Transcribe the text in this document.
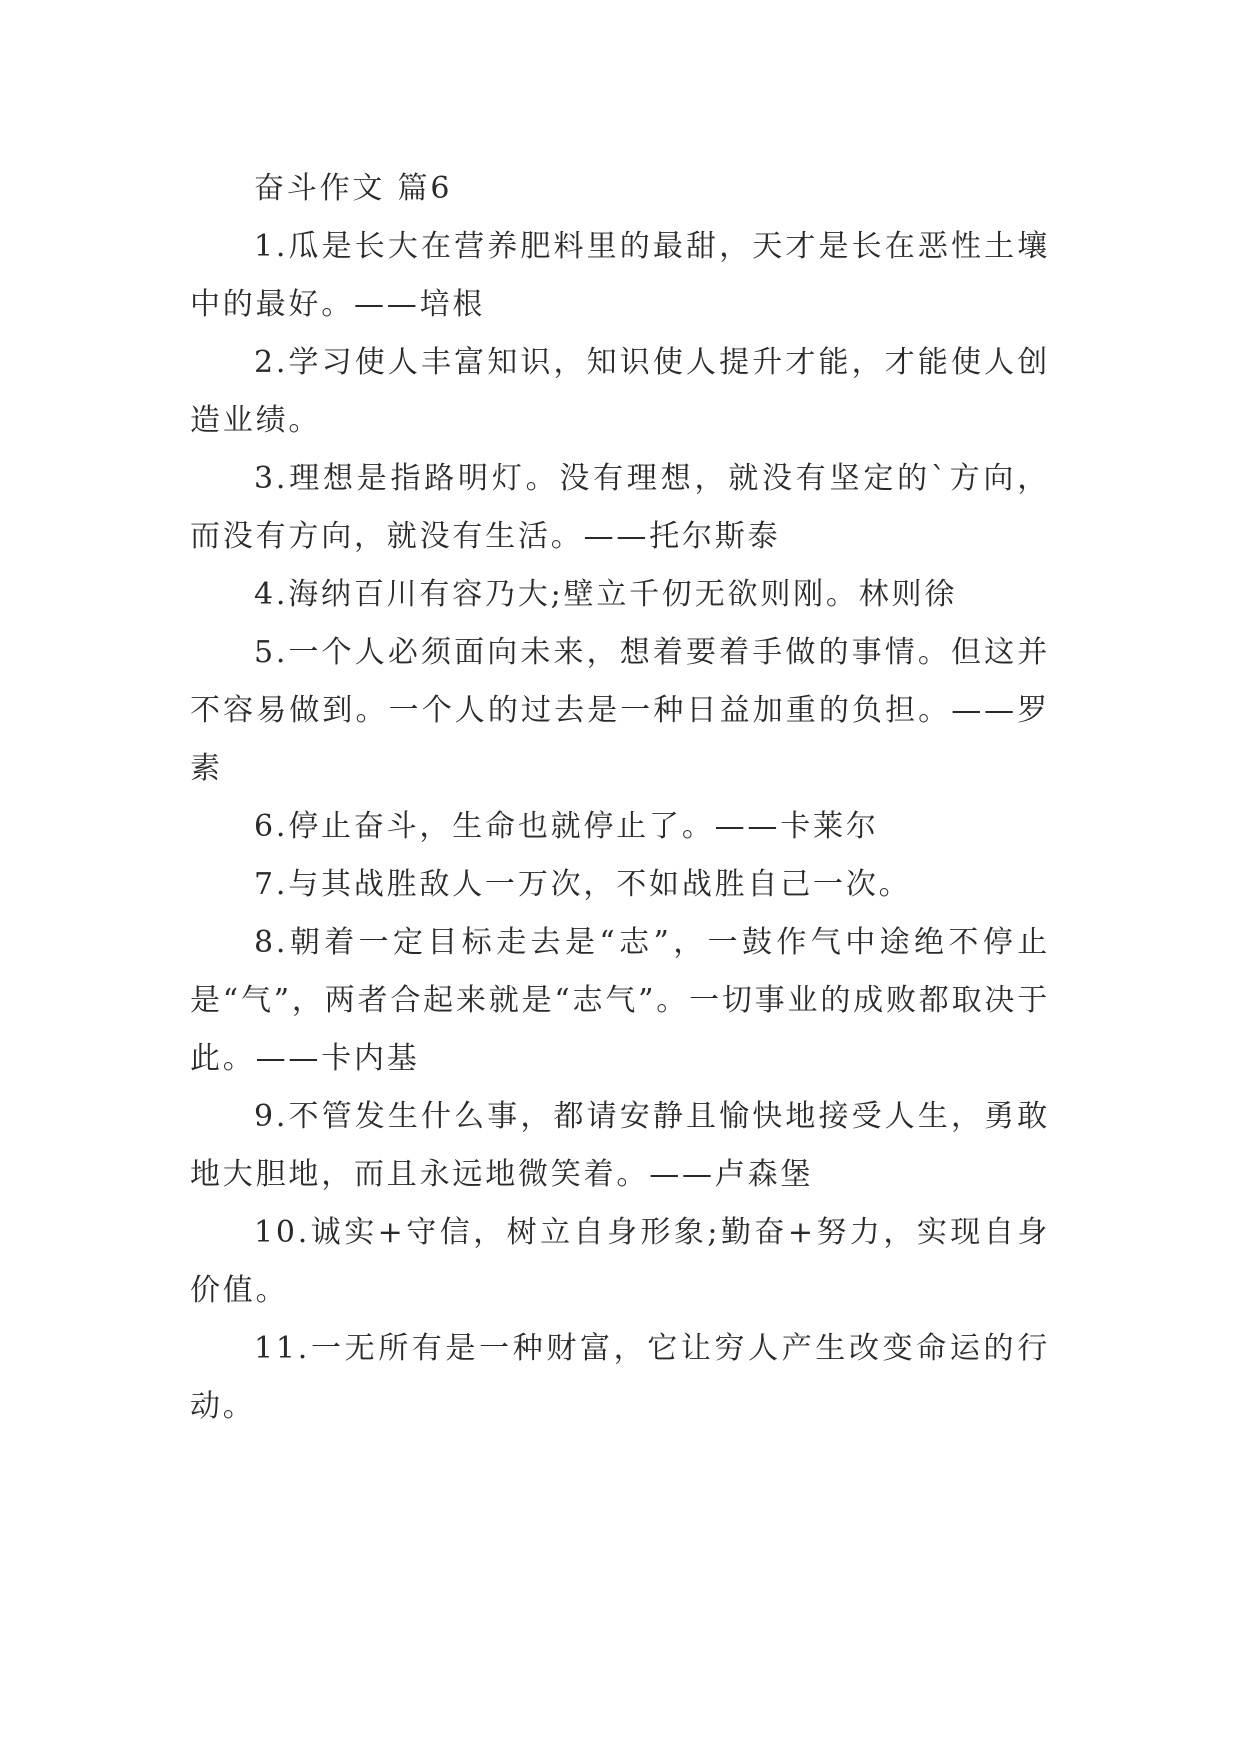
奋斗作文 篇6

1.瓜是长大在营养肥料里的最甜，天才是长在恶性土壤中的最好。——培根

2.学习使人丰富知识，知识使人提升才能，才能使人创造业绩。

3.理想是指路明灯。没有理想，就没有坚定的`方向，而没有方向，就没有生活。——托尔斯泰

4.海纳百川有容乃大;壁立千仞无欲则刚。林则徐

5.一个人必须面向未来，想着要着手做的事情。但这并不容易做到。一个人的过去是一种日益加重的负担。——罗素

6.停止奋斗，生命也就停止了。——卡莱尔

7.与其战胜敌人一万次，不如战胜自己一次。

8.朝着一定目标走去是“志”，一鼓作气中途绝不停止是“气”，两者合起来就是“志气”。一切事业的成败都取决于此。——卡内基

9.不管发生什么事，都请安静且愉快地接受人生，勇敢地大胆地，而且永远地微笑着。——卢森堡

10.诚实+守信，树立自身形象;勤奋+努力，实现自身价值。

11.一无所有是一种财富，它让穷人产生改变命运的行动。
